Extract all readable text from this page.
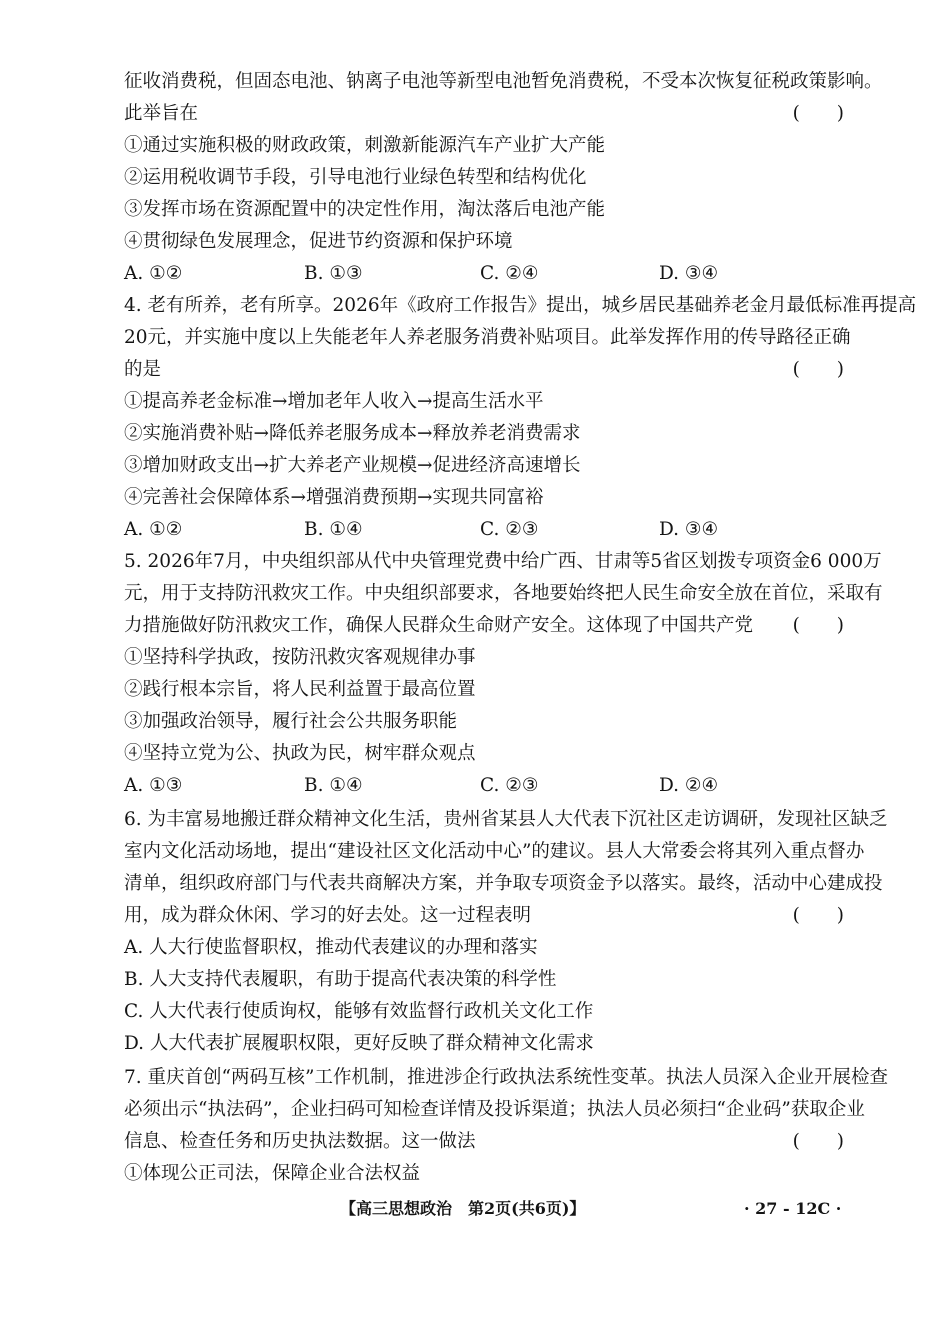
征收消费税，但固态电池、钠离子电池等新型电池暂免消费税，不受本次恢复征税政策影响。
此举旨在	(　　)
①通过实施积极的财政政策，刺激新能源汽车产业扩大产能
②运用税收调节手段，引导电池行业绿色转型和结构优化
③发挥市场在资源配置中的决定性作用，淘汰落后电池产能
④贯彻绿色发展理念，促进节约资源和保护环境
A. ①②	B. ①③	C. ②④	D. ③④
4. 老有所养，老有所享。2026年《政府工作报告》提出，城乡居民基础养老金月最低标准再提高
20元，并实施中度以上失能老年人养老服务消费补贴项目。此举发挥作用的传导路径正确
的是	(　　)
①提高养老金标准→增加老年人收入→提高生活水平
②实施消费补贴→降低养老服务成本→释放养老消费需求
③增加财政支出→扩大养老产业规模→促进经济高速增长
④完善社会保障体系→增强消费预期→实现共同富裕
A. ①②	B. ①④	C. ②③	D. ③④
5. 2026年7月，中央组织部从代中央管理党费中给广西、甘肃等5省区划拨专项资金6 000万
元，用于支持防汛救灾工作。中央组织部要求，各地要始终把人民生命安全放在首位，采取有
力措施做好防汛救灾工作，确保人民群众生命财产安全。这体现了中国共产党 (　　)
①坚持科学执政，按防汛救灾客观规律办事
②践行根本宗旨，将人民利益置于最高位置
③加强政治领导，履行社会公共服务职能
④坚持立党为公、执政为民，树牢群众观点
A. ①③	B. ①④	C. ②③	D. ②④
6. 为丰富易地搬迁群众精神文化生活，贵州省某县人大代表下沉社区走访调研，发现社区缺乏
室内文化活动场地，提出“建设社区文化活动中心”的建议。县人大常委会将其列入重点督办
清单，组织政府部门与代表共商解决方案，并争取专项资金予以落实。最终，活动中心建成投
用，成为群众休闲、学习的好去处。这一过程表明	(　　)
A. 人大行使监督职权，推动代表建议的办理和落实
B. 人大支持代表履职，有助于提高代表决策的科学性
C. 人大代表行使质询权，能够有效监督行政机关文化工作
D. 人大代表扩展履职权限，更好反映了群众精神文化需求
7. 重庆首创“两码互核”工作机制，推进涉企行政执法系统性变革。执法人员深入企业开展检查
必须出示“执法码”，企业扫码可知检查详情及投诉渠道；执法人员必须扫“企业码”获取企业
信息、检查任务和历史执法数据。这一做法	(　　)
①体现公正司法，保障企业合法权益
【高三思想政治　第2页(共6页)】	· 27 - 12C ·
